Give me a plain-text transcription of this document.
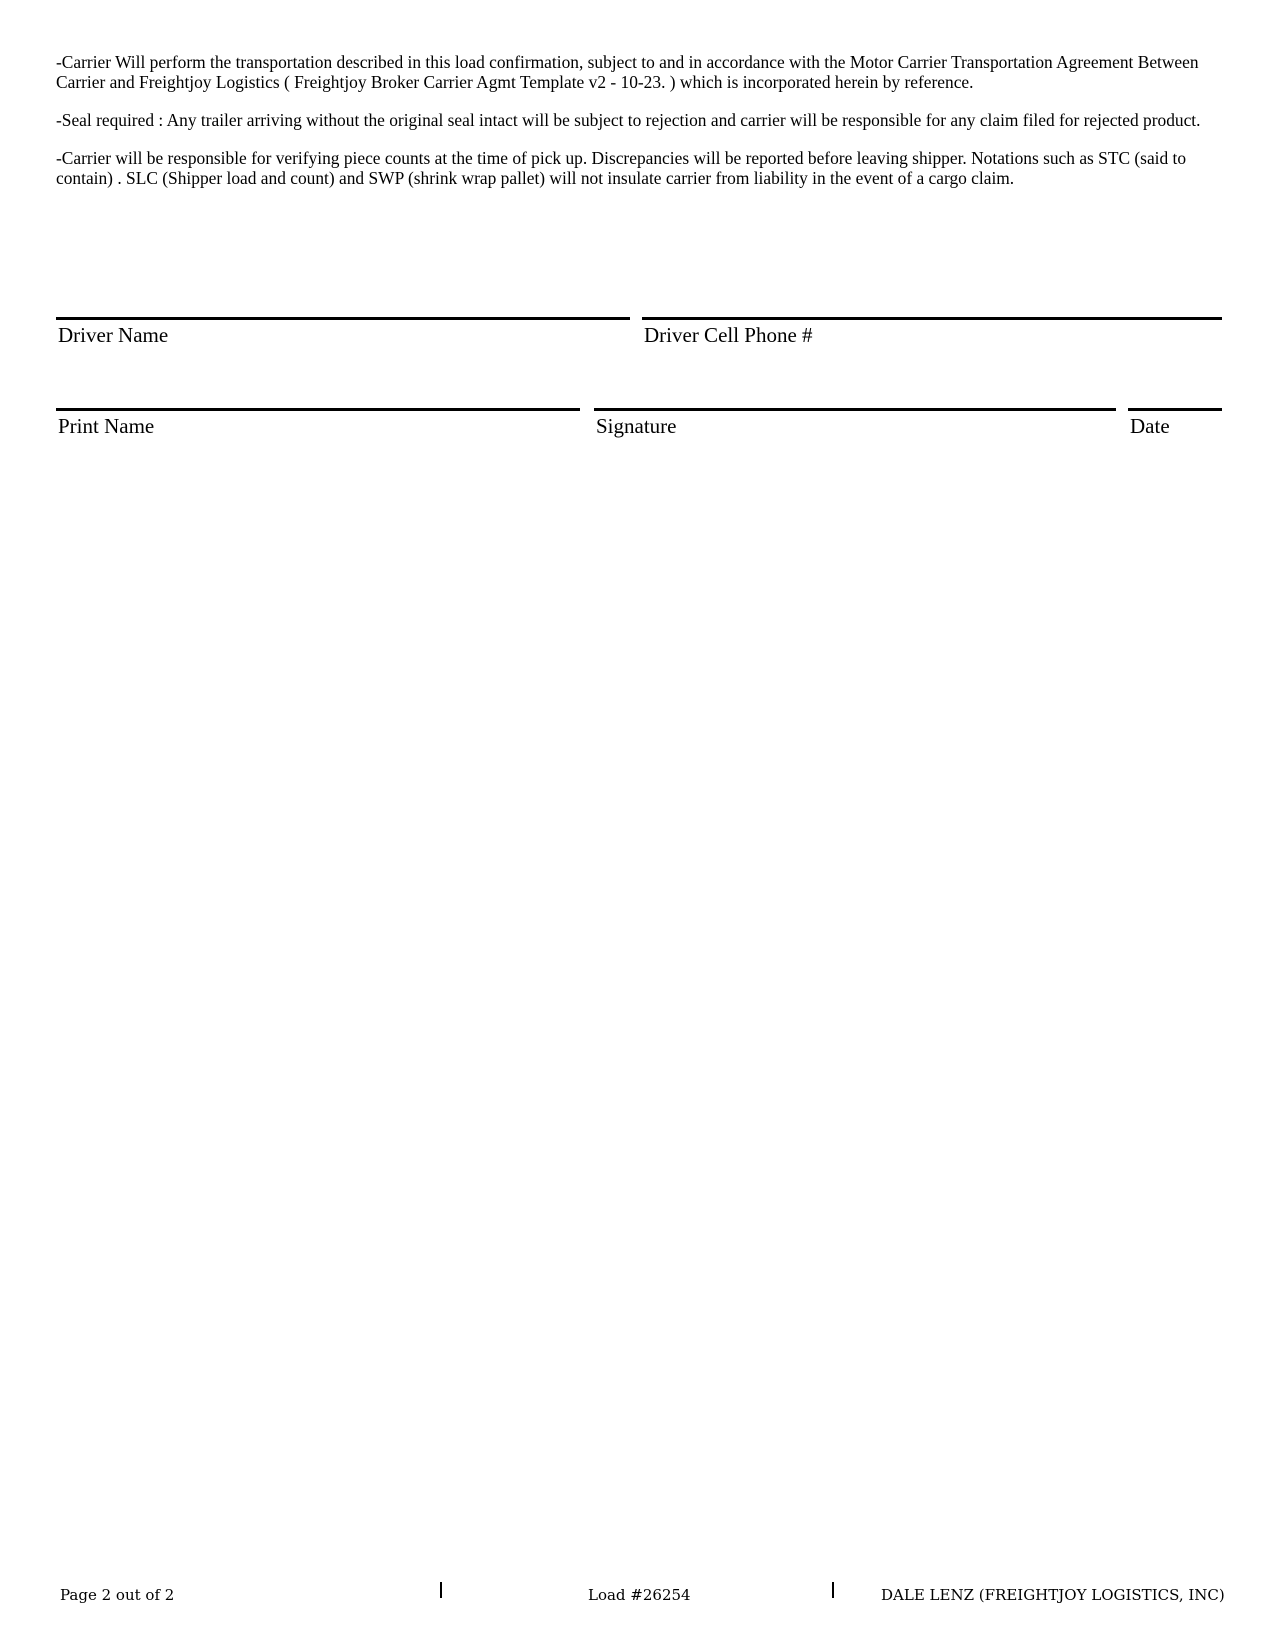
-Carrier Will perform the transportation described in this load confirmation, subject to and in accordance with the Motor Carrier Transportation Agreement Between Carrier and Freightjoy Logistics ( Freightjoy Broker Carrier Agmt Template v2 - 10-23. ) which is incorporated herein by reference.

-Seal required : Any trailer arriving without the original seal intact will be subject to rejection and carrier will be responsible for any claim filed for rejected product.

-Carrier will be responsible for verifying piece counts at the time of pick up. Discrepancies will be reported before leaving shipper. Notations such as STC (said to contain) . SLC (Shipper load and count) and SWP (shrink wrap pallet) will not insulate carrier from liability in the event of a cargo claim.

Driver Name	Driver Cell Phone #
Print Name	Signature	Date
Page 2 out of 2	Load #26254	DALE LENZ (FREIGHTJOY LOGISTICS, INC)
